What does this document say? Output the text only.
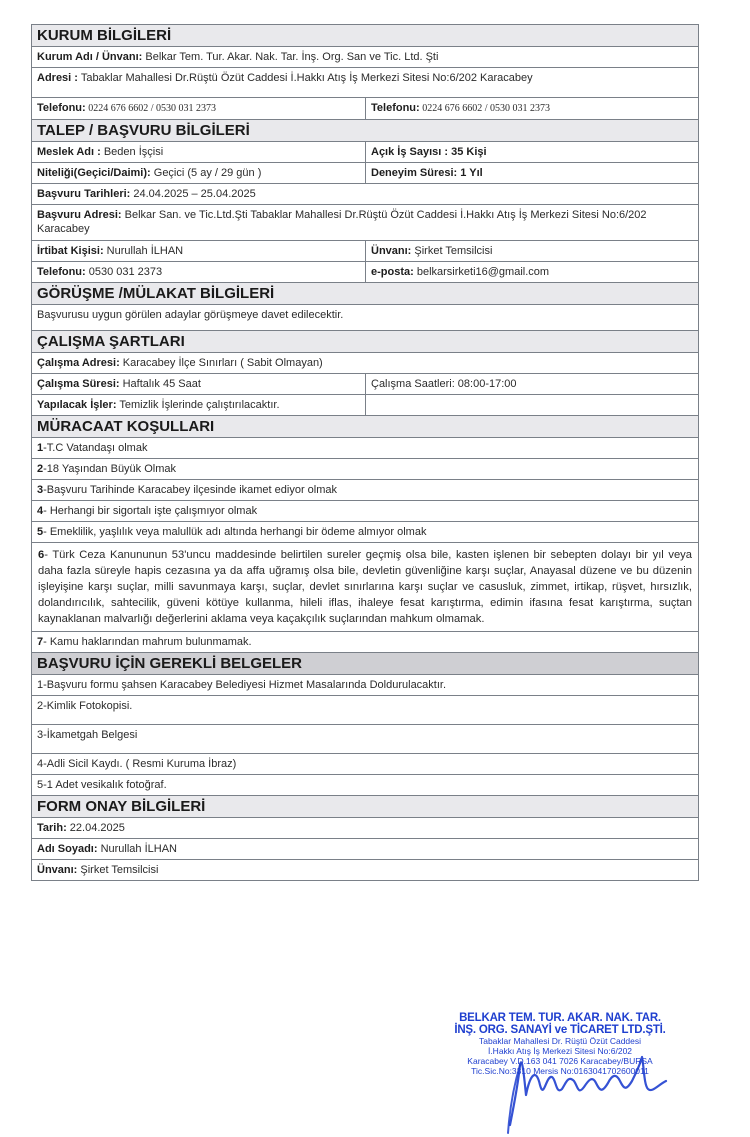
KURUM BİLGİLERİ
Kurum Adı / Ünvanı: Belkar Tem. Tur. Akar. Nak. Tar. İnş. Org. San ve Tic. Ltd. Şti
Adresi : Tabaklar Mahallesi Dr.Rüştü Özüt Caddesi İ.Hakkı Atış İş Merkezi Sitesi No:6/202 Karacabey
Telefonu: 0224 676 6602 / 0530 031 2373	Telefonu: 0224 676 6602 / 0530 031 2373
TALEP / BAŞVURU BİLGİLERİ
Meslek Adı : Beden İşçisi	Açık İş Sayısı : 35 Kişi
Niteliği(Geçici/Daimi): Geçici (5 ay / 29 gün )	Deneyim Süresi: 1 Yıl
Başvuru Tarihleri: 24.04.2025 – 25.04.2025
Başvuru Adresi: Belkar San. ve Tic.Ltd.Şti Tabaklar Mahallesi Dr.Rüştü Özüt Caddesi İ.Hakkı Atış İş Merkezi Sitesi No:6/202 Karacabey
İrtibat Kişisi: Nurullah İLHAN	Ünvanı: Şirket Temsilcisi
Telefonu: 0530 031 2373	e-posta: belkarsirketi16@gmail.com
GÖRÜŞME /MÜLAKAT BİLGİLERİ
Başvurusu uygun görülen adaylar görüşmeye davet edilecektir.
ÇALIŞMA ŞARTLARI
Çalışma Adresi: Karacabey İlçe Sınırları ( Sabit Olmayan)
Çalışma Süresi: Haftalık 45 Saat	Çalışma Saatleri: 08:00-17:00
Yapılacak İşler: Temizlik İşlerinde çalıştırılacaktır.
MÜRACAAT KOŞULLARI
1-T.C Vatandaşı olmak
2-18 Yaşından Büyük Olmak
3-Başvuru Tarihinde Karacabey ilçesinde ikamet ediyor olmak
4- Herhangi bir sigortalı işte çalışmıyor olmak
5- Emeklilik, yaşlılık veya malullük adı altında herhangi bir ödeme almıyor olmak
6- Türk Ceza Kanununun 53'uncu maddesinde belirtilen sureler geçmiş olsa bile, kasten işlenen bir sebepten dolayı bir yıl veya daha fazla süreyle hapis cezasına ya da affa uğramış olsa bile, devletin güvenliğine karşı suçlar, Anayasal düzene ve bu düzenin işleyişine karşı suçlar, milli savunmaya karşı, suçlar, devlet sınırlarına karşı suçlar ve casusluk, zimmet, irtikap, rüşvet, hırsızlık, dolandırıcılık, sahtecilik, güveni kötüye kullanma, hileli iflas, ihaleye fesat karıştırma, edimin ifasına fesat karıştırma, suçtan kaynaklanan malvarlığı değerlerini aklama veya kaçakçılık suçlarından mahkum olmamak.
7- Kamu haklarından mahrum bulunmamak.
BAŞVURU İÇİN GEREKLİ BELGELER
1-Başvuru formu şahsen Karacabey Belediyesi Hizmet Masalarında Doldurulacaktır.
2-Kimlik Fotokopisi.
3-İkametgah Belgesi
4-Adli Sicil Kaydı. ( Resmi Kuruma İbraz)
5-1 Adet vesikalık fotoğraf.
FORM ONAY BİLGİLERİ
Tarih: 22.04.2025
Adı Soyadı: Nurullah İLHAN
Ünvanı: Şirket Temsilcisi
BELKAR TEM. TUR. AKAR. NAK. TAR.
İNŞ. ORG. SANAYİ ve TİCARET LTD.ŞTİ.
Tabaklar Mahallesi Dr. Rüştü Özüt Caddesi
İ.Hakkı Atış İş Merkezi Sitesi No:6/202
Karacabey V.D.163 041 7026 Karacabey/BURSA
Tic.Sic.No:3310 Mersis No:0163041702600011
